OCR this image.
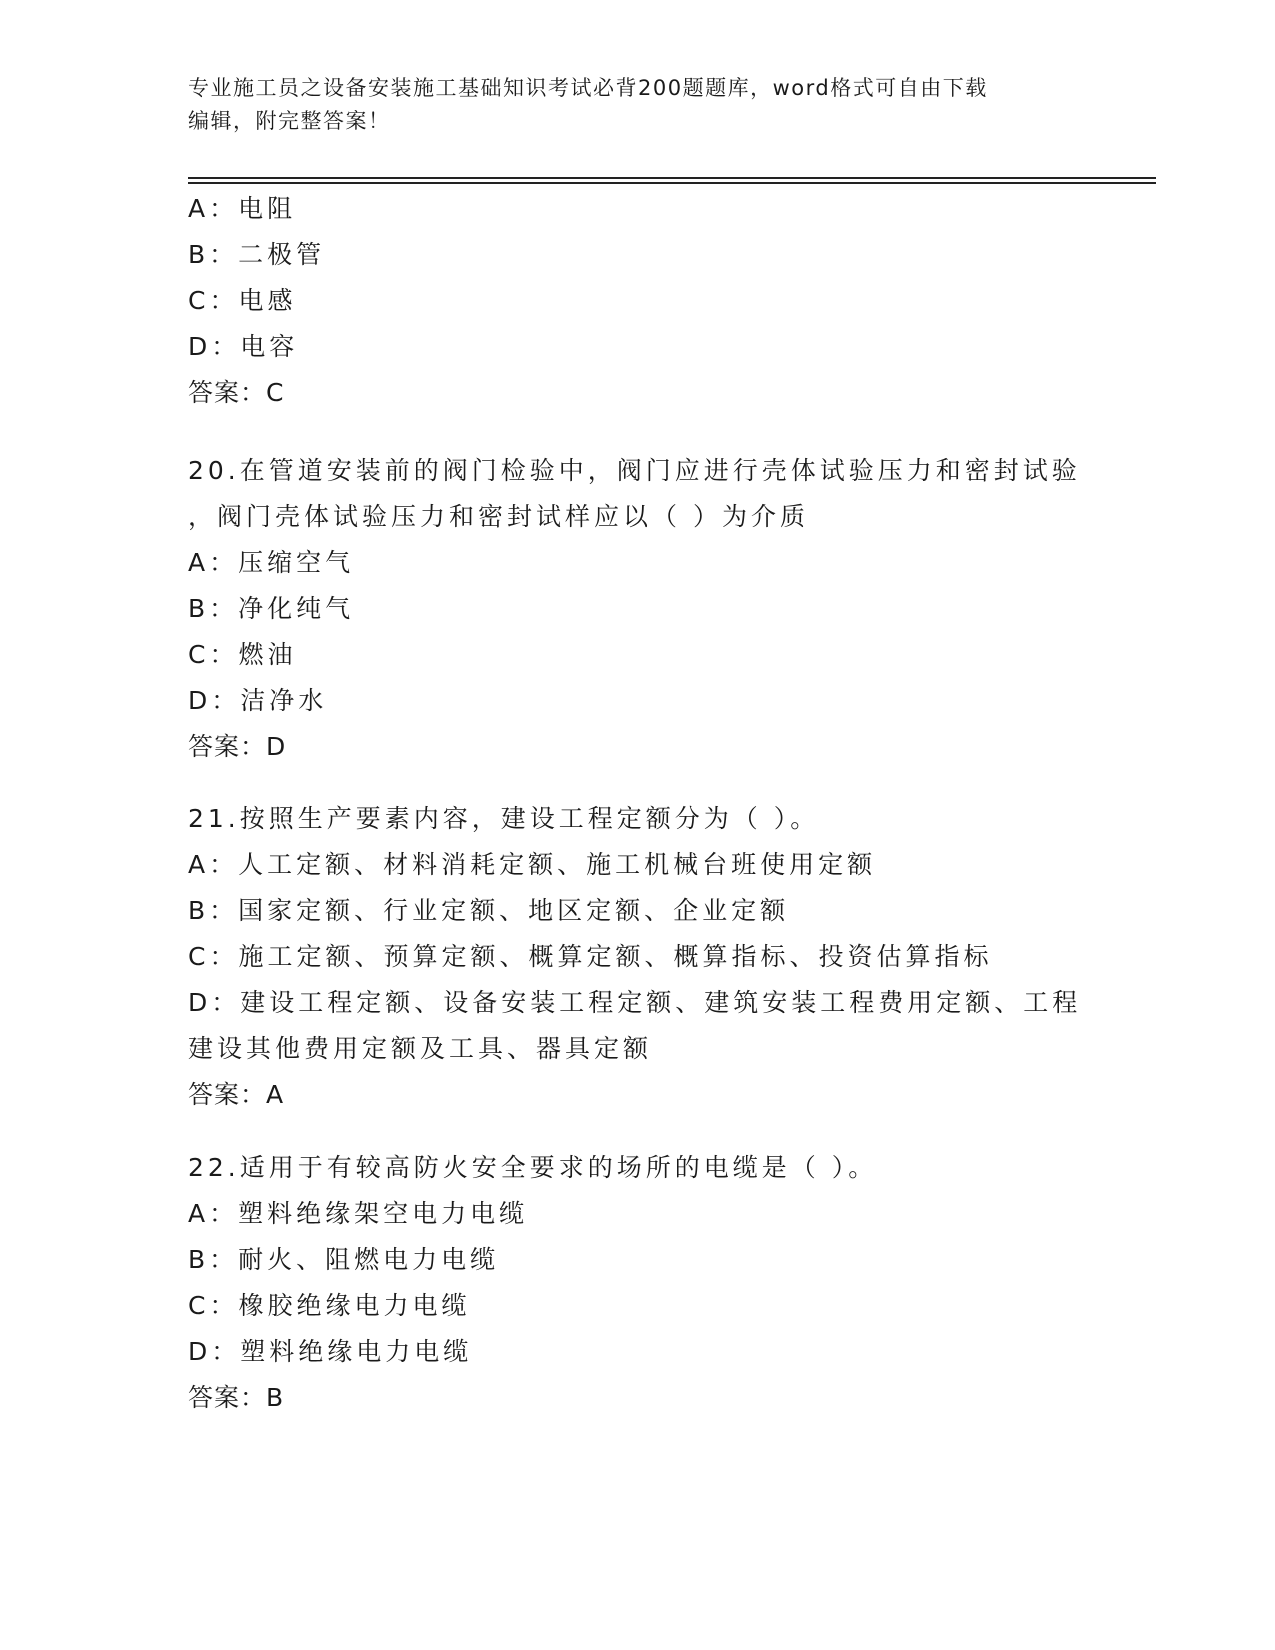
专业施工员之设备安装施工基础知识考试必背200题题库，word格式可自由下载
编辑，附完整答案！
A：电阻
B：二极管
C：电感
D：电容
答案：C
20.在管道安装前的阀门检验中，阀门应进行壳体试验压力和密封试验
，阀门壳体试验压力和密封试样应以（ ）为介质
A：压缩空气
B：净化纯气
C：燃油
D：洁净水
答案：D
21.按照生产要素内容，建设工程定额分为（ ）。
A：人工定额、材料消耗定额、施工机械台班使用定额
B：国家定额、行业定额、地区定额、企业定额
C：施工定额、预算定额、概算定额、概算指标、投资估算指标
D：建设工程定额、设备安装工程定额、建筑安装工程费用定额、工程
建设其他费用定额及工具、器具定额
答案：A
22.适用于有较高防火安全要求的场所的电缆是（ ）。
A：塑料绝缘架空电力电缆
B：耐火、阻燃电力电缆
C：橡胶绝缘电力电缆
D：塑料绝缘电力电缆
答案：B
